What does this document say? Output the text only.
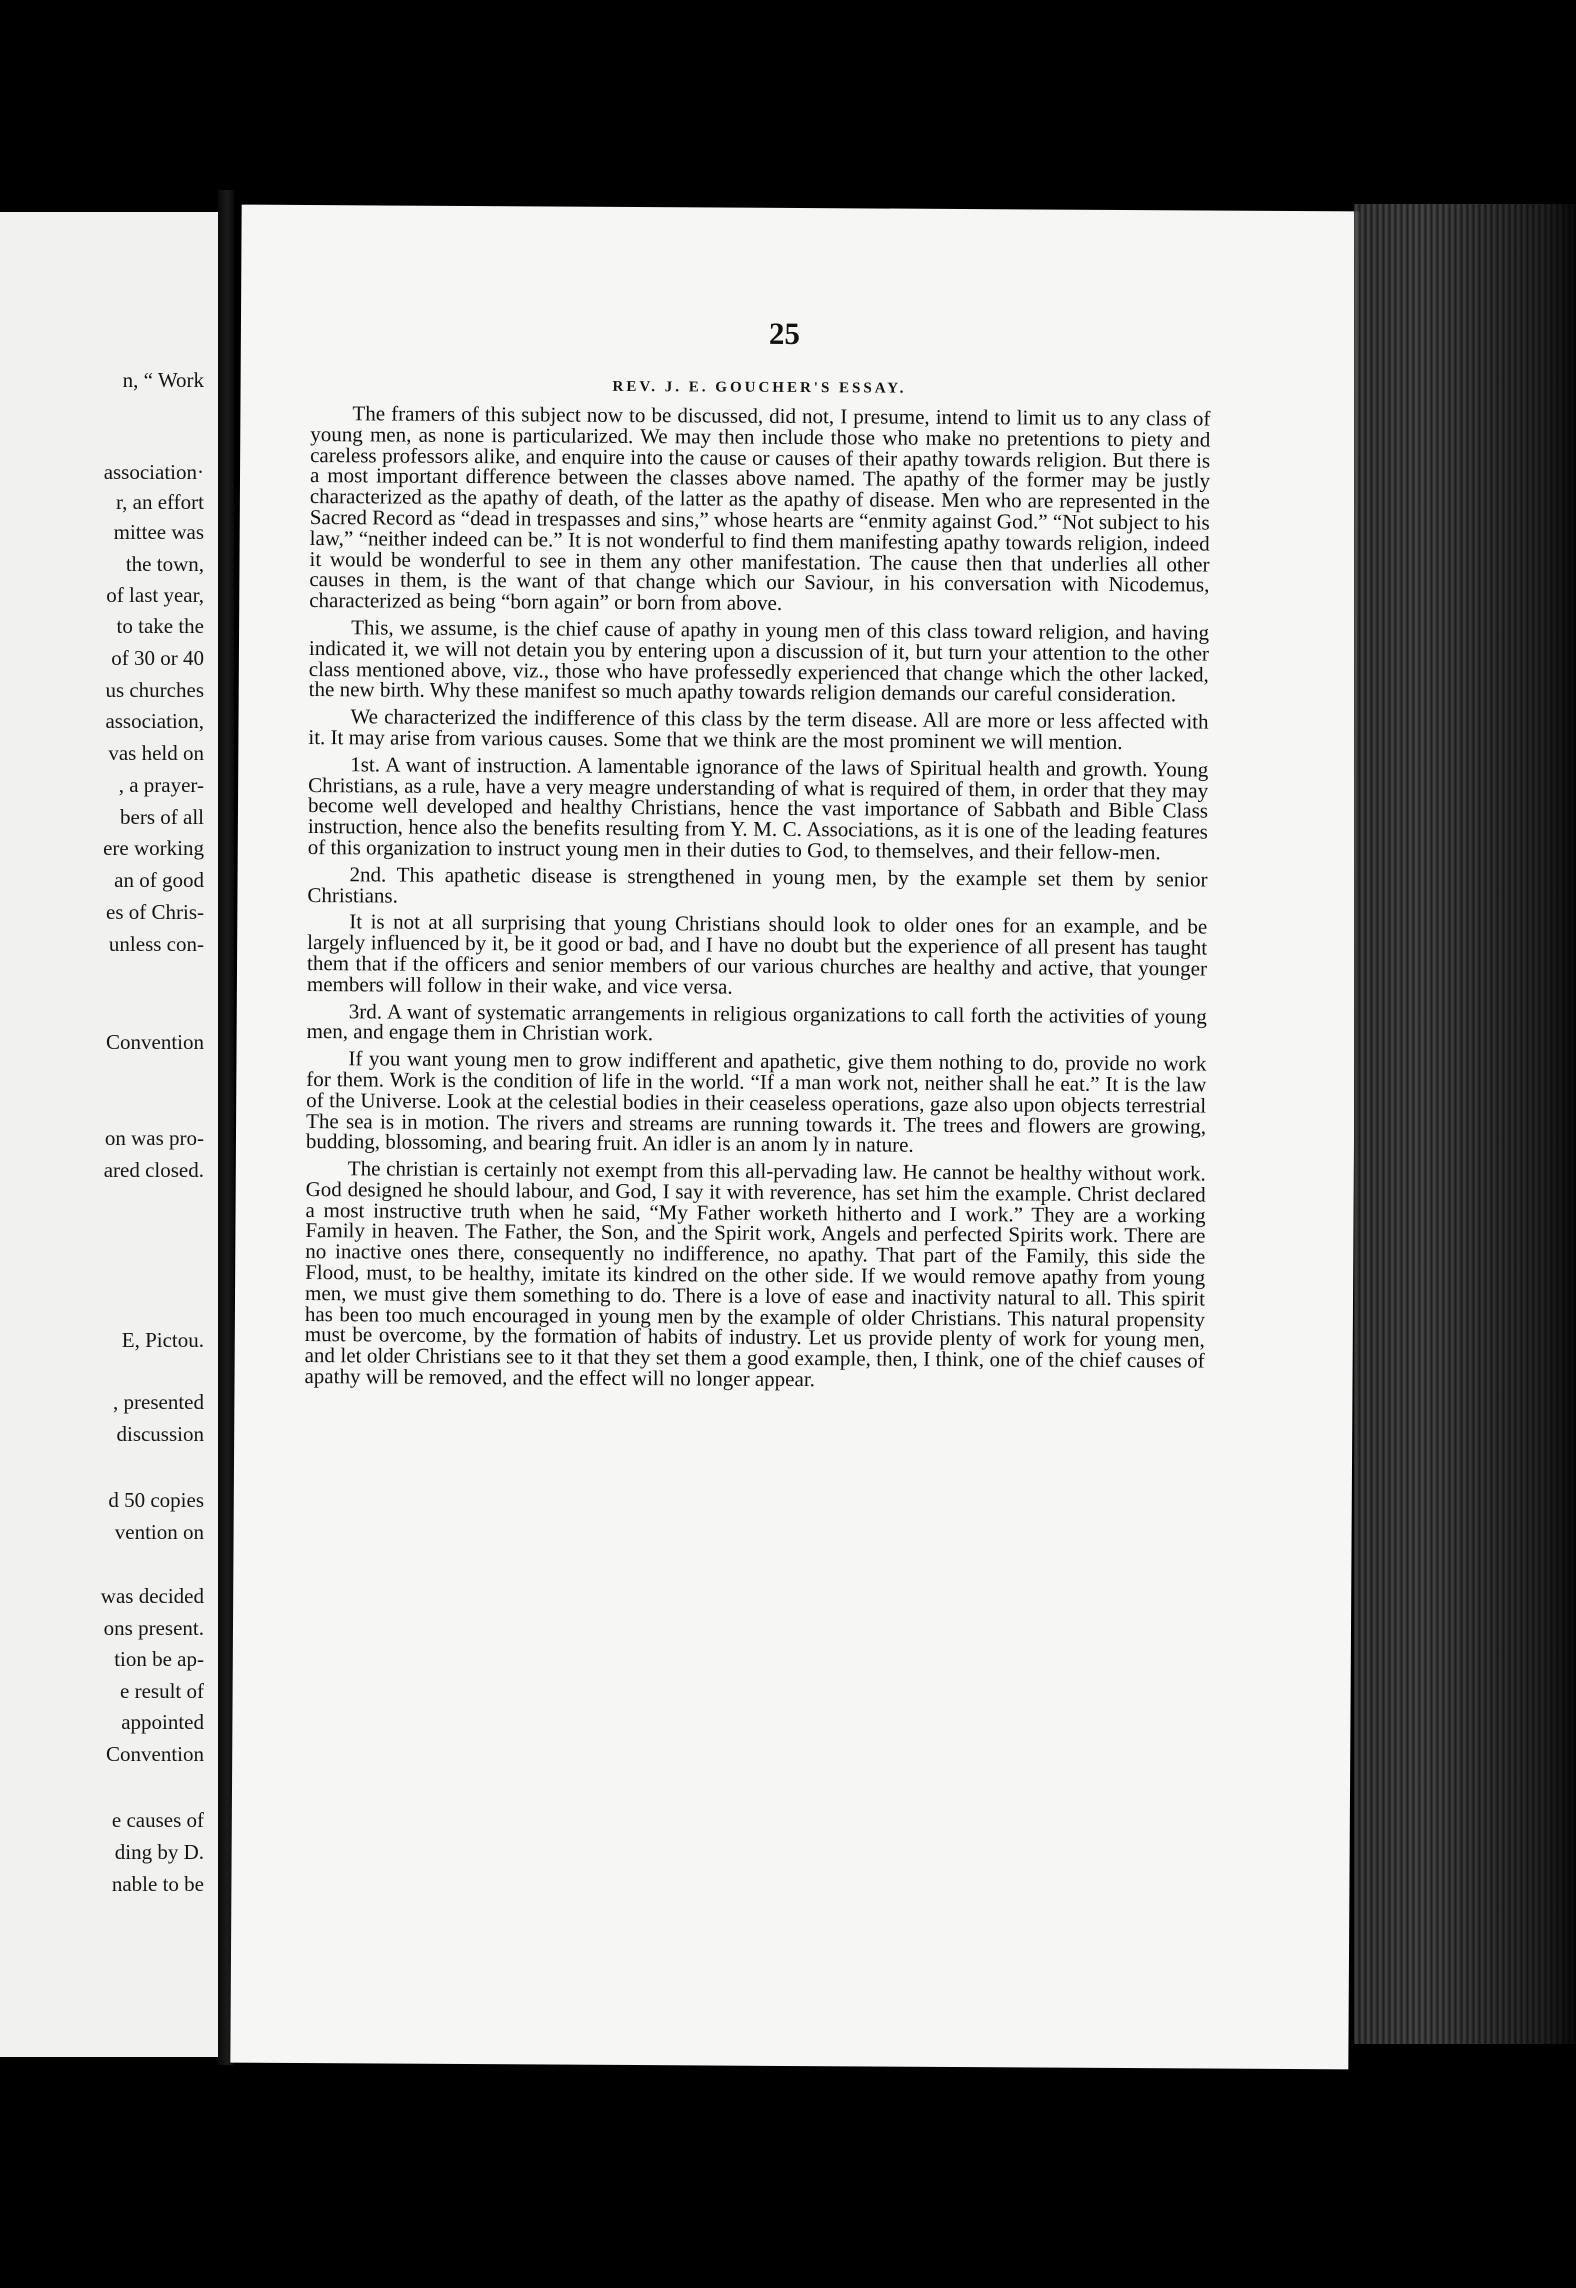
n, “ Work
association·
r, an effort
mittee was
the town,
of last year,
to take the
of 30 or 40
us churches
association,
vas held on
, a prayer-
bers of all
ere working
an of good
es of Chris-
unless con-
Convention
on was pro-
ared closed.
E, Pictou.
, presented
discussion
d 50 copies
vention on
was decided
ons present.
tion be ap-
e result of
appointed
Convention
e causes of
ding by D.
nable to be
25
REV. J. E. GOUCHER'S ESSAY.

The framers of this subject now to be discussed, did not, I presume, intend to limit us to any class of young men, as none is particularized. We may then include those who make no pretentions to piety and careless professors alike, and enquire into the cause or causes of their apathy towards religion. But there is a most important difference between the classes above named. The apathy of the former may be justly characterized as the apathy of death, of the latter as the apathy of disease. Men who are represented in the Sacred Record as “dead in trespasses and sins,” whose hearts are “enmity against God.” “Not subject to his law,” “neither indeed can be.” It is not wonderful to find them manifesting apathy towards religion, indeed it would be wonderful to see in them any other manifestation. The cause then that underlies all other causes in them, is the want of that change which our Saviour, in his conversation with Nicodemus, characterized as being “born again” or born from above.

This, we assume, is the chief cause of apathy in young men of this class toward religion, and having indicated it, we will not detain you by entering upon a discussion of it, but turn your attention to the other class mentioned above, viz., those who have professedly experienced that change which the other lacked, the new birth. Why these manifest so much apathy towards religion demands our careful consideration.

We characterized the indifference of this class by the term disease. All are more or less affected with it. It may arise from various causes. Some that we think are the most prominent we will mention.

1st. A want of instruction. A lamentable ignorance of the laws of Spiritual health and growth. Young Christians, as a rule, have a very meagre understanding of what is required of them, in order that they may become well developed and healthy Christians, hence the vast importance of Sabbath and Bible Class instruction, hence also the benefits resulting from Y. M. C. Associations, as it is one of the leading features of this organization to instruct young men in their duties to God, to themselves, and their fellow-men.

2nd. This apathetic disease is strengthened in young men, by the example set them by senior Christians.

It is not at all surprising that young Christians should look to older ones for an example, and be largely influenced by it, be it good or bad, and I have no doubt but the experience of all present has taught them that if the officers and senior members of our various churches are healthy and active, that younger members will follow in their wake, and vice versa.

3rd. A want of systematic arrangements in religious organizations to call forth the activities of young men, and engage them in Christian work.

If you want young men to grow indifferent and apathetic, give them nothing to do, provide no work for them. Work is the condition of life in the world. “If a man work not, neither shall he eat.” It is the law of the Universe. Look at the celestial bodies in their ceaseless operations, gaze also upon objects terrestrial The sea is in motion. The rivers and streams are running towards it. The trees and flowers are growing, budding, blossoming, and bearing fruit. An idler is an anom ly in nature.

The christian is certainly not exempt from this all-pervading law. He cannot be healthy without work. God designed he should labour, and God, I say it with reverence, has set him the example. Christ declared a most instructive truth when he said, “My Father worketh hitherto and I work.” They are a working Family in heaven. The Father, the Son, and the Spirit work, Angels and perfected Spirits work. There are no inactive ones there, consequently no indifference, no apathy. That part of the Family, this side the Flood, must, to be healthy, imitate its kindred on the other side. If we would remove apathy from young men, we must give them something to do. There is a love of ease and inactivity natural to all. This spirit has been too much encouraged in young men by the example of older Christians. This natural propensity must be overcome, by the formation of habits of industry. Let us provide plenty of work for young men, and let older Christians see to it that they set them a good example, then, I think, one of the chief causes of apathy will be removed, and the effect will no longer appear.
